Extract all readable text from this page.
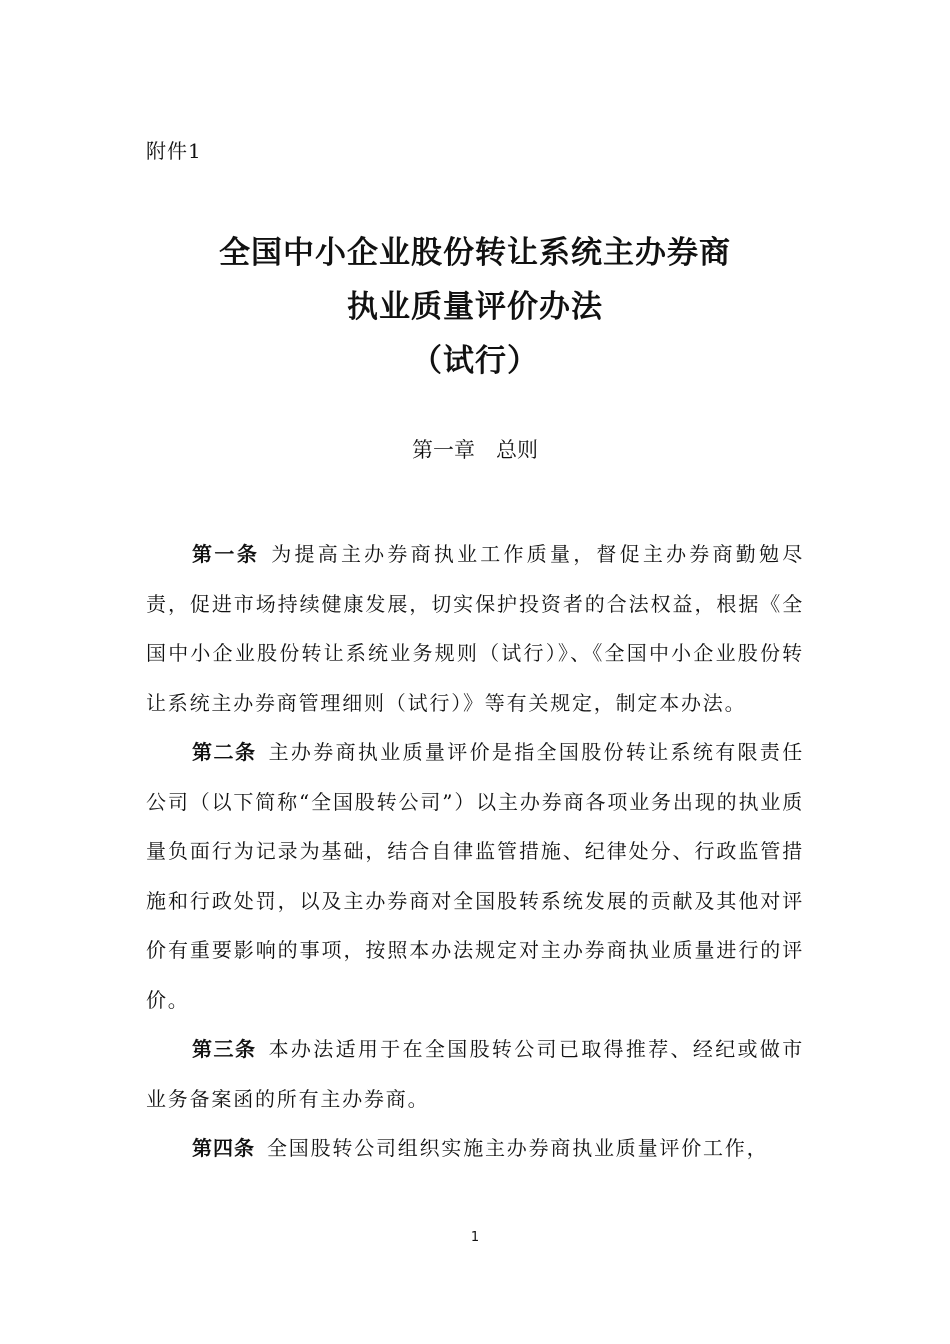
附件1
全国中小企业股份转让系统主办券商
执业质量评价办法
（试行）
第一章　总则

第一条 为提高主办券商执业工作质量，督促主办券商勤勉尽责，促进市场持续健康发展，切实保护投资者的合法权益，根据《全国中小企业股份转让系统业务规则（试行）》、《全国中小企业股份转让系统主办券商管理细则（试行）》等有关规定，制定本办法。

第二条 主办券商执业质量评价是指全国股份转让系统有限责任公司（以下简称“全国股转公司”）以主办券商各项业务出现的执业质量负面行为记录为基础，结合自律监管措施、纪律处分、行政监管措施和行政处罚，以及主办券商对全国股转系统发展的贡献及其他对评价有重要影响的事项，按照本办法规定对主办券商执业质量进行的评价。

第三条 本办法适用于在全国股转公司已取得推荐、经纪或做市业务备案函的所有主办券商。

第四条 全国股转公司组织实施主办券商执业质量评价工作，

1
